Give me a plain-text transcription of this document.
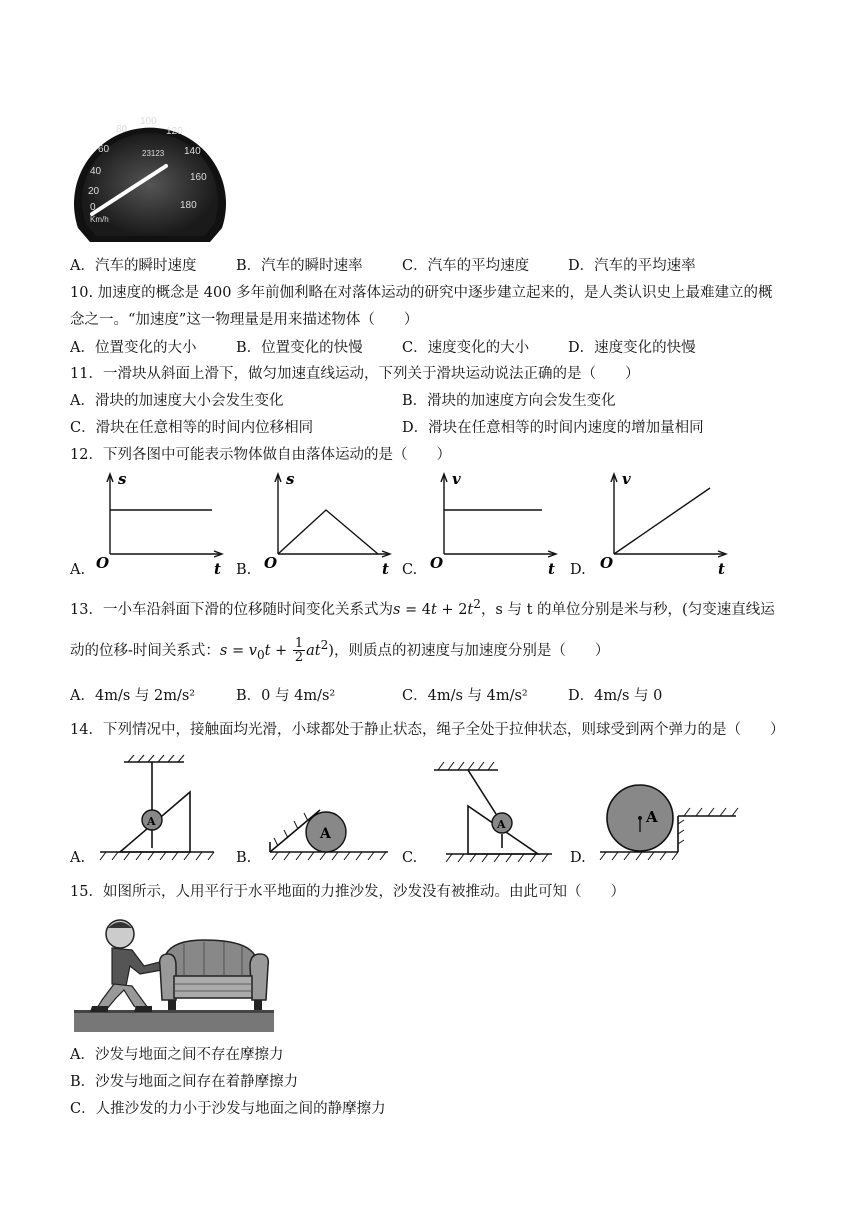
0
20
40
60
80
100
120
140
160
180
Km/h
23123
A．汽车的瞬时速度	B．汽车的瞬时速率	C．汽车的平均速度	D．汽车的平均速率
10. 加速度的概念是 400 多年前伽利略在对落体运动的研究中逐步建立起来的，是人类认识史上最难建立的概
念之一。“加速度”这一物理量是用来描述物体（　　）
A．位置变化的大小	B．位置变化的快慢	C．速度变化的大小	D．速度变化的快慢
11．一滑块从斜面上滑下，做匀加速直线运动，下列关于滑块运动说法正确的是（　　）
A．滑块的加速度大小会发生变化	B．滑块的加速度方向会发生变化
C．滑块在任意相等的时间内位移相同	D．滑块在任意相等的时间内速度的增加量相同
12．下列各图中可能表示物体做自由落体运动的是（　　）
A.
s
t
O	B.
s
t
O	C.
v
t
O	D.
v
t
O
13．一小车沿斜面下滑的位移随时间变化关系式为$s = 4t + 2t^2$，s 与 t 的单位分别是米与秒，(匀变速直线运
动的位移-时间关系式：$s = v_0t + \frac{1}{2} at^2$)，则质点的初速度与加速度分别是（　　）
A．4m/s 与 2m/s²	B．0 与 4m/s²	C．4m/s 与 4m/s²	D．4m/s 与 0
14．下列情况中，接触面均光滑，小球都处于静止状态，绳子全处于拉伸状态，则球受到两个弹力的是（　　）
A.
A
B.
A
C.
A
D.
A
15．如图所示，人用平行于水平地面的力推沙发，沙发没有被推动。由此可知（　　）
A．沙发与地面之间不存在摩擦力
B．沙发与地面之间存在着静摩擦力
C．人推沙发的力小于沙发与地面之间的静摩擦力
